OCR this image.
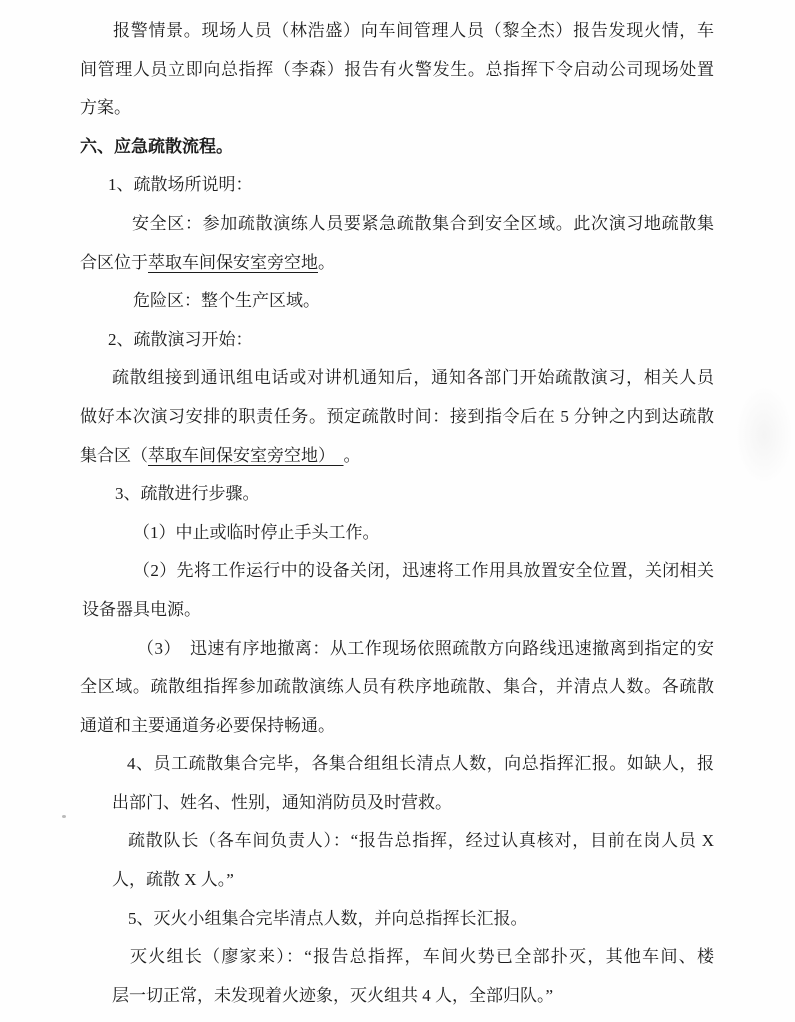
报警情景。现场人员（林浩盛）向车间管理人员（黎全杰）报告发现火情，车
间管理人员立即向总指挥（李森）报告有火警发生。总指挥下令启动公司现场处置
方案。
六、应急疏散流程。
1、疏散场所说明：
安全区：参加疏散演练人员要紧急疏散集合到安全区域。此次演习地疏散集
合区位于萃取车间保安室旁空地。
危险区：整个生产区域。
2、疏散演习开始：
疏散组接到通讯组电话或对讲机通知后，通知各部门开始疏散演习，相关人员
做好本次演习安排的职责任务。预定疏散时间：接到指令后在 5 分钟之内到达疏散
集合区（萃取车间保安室旁空地）　。
3、疏散进行步骤。
（1）中止或临时停止手头工作。
（2）先将工作运行中的设备关闭，迅速将工作用具放置安全位置，关闭相关
设备器具电源。
（3）　迅速有序地撤离：从工作现场依照疏散方向路线迅速撤离到指定的安
全区域。疏散组指挥参加疏散演练人员有秩序地疏散、集合，并清点人数。各疏散
通道和主要通道务必要保持畅通。
4、员工疏散集合完毕，各集合组组长清点人数，向总指挥汇报。如缺人，报
出部门、姓名、性别，通知消防员及时营救。
疏散队长（各车间负责人）：“报告总指挥，经过认真核对，目前在岗人员 X
人，疏散 X 人。”
5、灭火小组集合完毕清点人数，并向总指挥长汇报。
灭火组长（廖家来）：“报告总指挥，车间火势已全部扑灭，其他车间、楼
层一切正常，未发现着火迹象，灭火组共 4 人，全部归队。”
